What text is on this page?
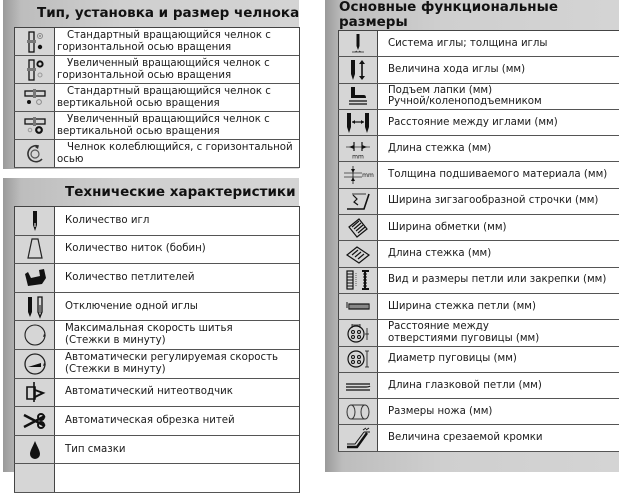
Тип, установка и размер челнока
Стандартный вращающийся челнок с
горизонтальной осью вращения
Увеличенный вращающийся челнок с
горизонтальной осью вращения
Стандартный вращающийся челнок с
вертикальной осью вращения
Увеличенный вращающийся челнок с
вертикальной осью вращения
Челнок колеблющийся, с горизонтальной
осью
Технические характеристики
Количество игл
Количество ниток (бобин)
Количество петлителей
Отключение одной иглы
Максимальная скорость шитья
(Стежки в минуту)
Автоматически регулируемая скорость
(Стежки в минуту)
Автоматический нитеотводчик
Автоматическая обрезка нитей
Тип смазки
Основные функциональные
размеры
Система иглы; толщина иглы
Величина хода иглы (мм)
Подъем лапки (мм)
Ручной/коленоподъемником
Расстояние между иглами (мм)
mm
Длина стежка (мм)
mm Толщина подшиваемого материала (мм)
Ширина зигзагообразной строчки (мм)
Ширина обметки (мм)
Длина стежка (мм)
Вид и размеры петли или закрепки (мм)
Ширина стежка петли (мм)
Расстояние между
отверстиями пуговицы (мм)
Диаметр пуговицы (мм)
Длина глазковой петли (мм)
Размеры ножа (мм)
Величина срезаемой кромки
